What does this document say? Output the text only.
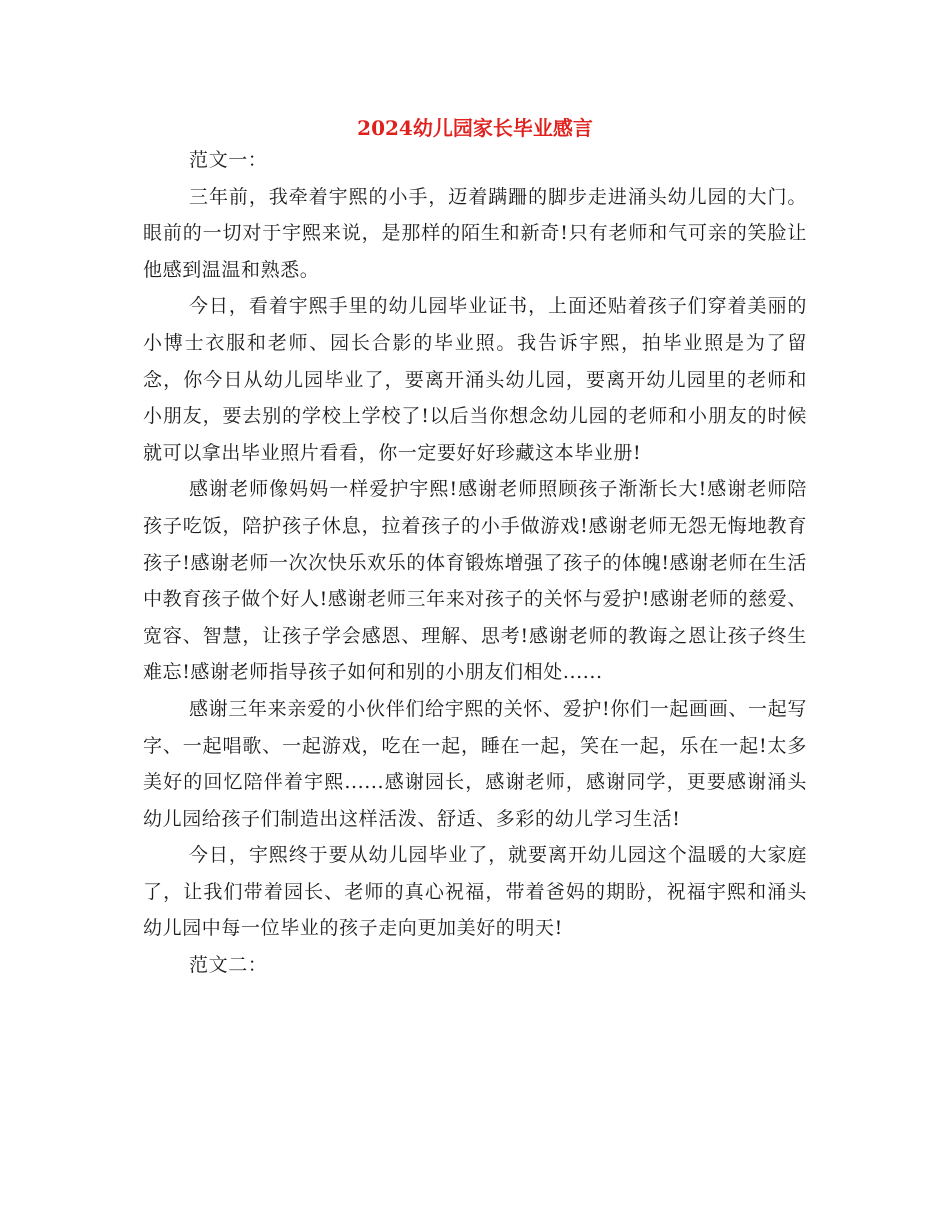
2024幼儿园家长毕业感言

范文一：

三年前，我牵着宇熙的小手，迈着蹒跚的脚步走进涌头幼儿园的大门。眼前的一切对于宇熙来说，是那样的陌生和新奇!只有老师和气可亲的笑脸让他感到温温和熟悉。

今日，看着宇熙手里的幼儿园毕业证书，上面还贴着孩子们穿着美丽的小博士衣服和老师、园长合影的毕业照。我告诉宇熙，拍毕业照是为了留念，你今日从幼儿园毕业了，要离开涌头幼儿园，要离开幼儿园里的老师和小朋友，要去别的学校上学校了!以后当你想念幼儿园的老师和小朋友的时候就可以拿出毕业照片看看，你一定要好好珍藏这本毕业册!

感谢老师像妈妈一样爱护宇熙!感谢老师照顾孩子渐渐长大!感谢老师陪孩子吃饭，陪护孩子休息，拉着孩子的小手做游戏!感谢老师无怨无悔地教育孩子!感谢老师一次次快乐欢乐的体育锻炼增强了孩子的体魄!感谢老师在生活中教育孩子做个好人!感谢老师三年来对孩子的关怀与爱护!感谢老师的慈爱、宽容、智慧，让孩子学会感恩、理解、思考!感谢老师的教诲之恩让孩子终生难忘!感谢老师指导孩子如何和别的小朋友们相处......

感谢三年来亲爱的小伙伴们给宇熙的关怀、爱护!你们一起画画、一起写字、一起唱歌、一起游戏，吃在一起，睡在一起，笑在一起，乐在一起!太多美好的回忆陪伴着宇熙......感谢园长，感谢老师，感谢同学，更要感谢涌头幼儿园给孩子们制造出这样活泼、舒适、多彩的幼儿学习生活!

今日，宇熙终于要从幼儿园毕业了，就要离开幼儿园这个温暖的大家庭了，让我们带着园长、老师的真心祝福，带着爸妈的期盼，祝福宇熙和涌头幼儿园中每一位毕业的孩子走向更加美好的明天!

范文二：
